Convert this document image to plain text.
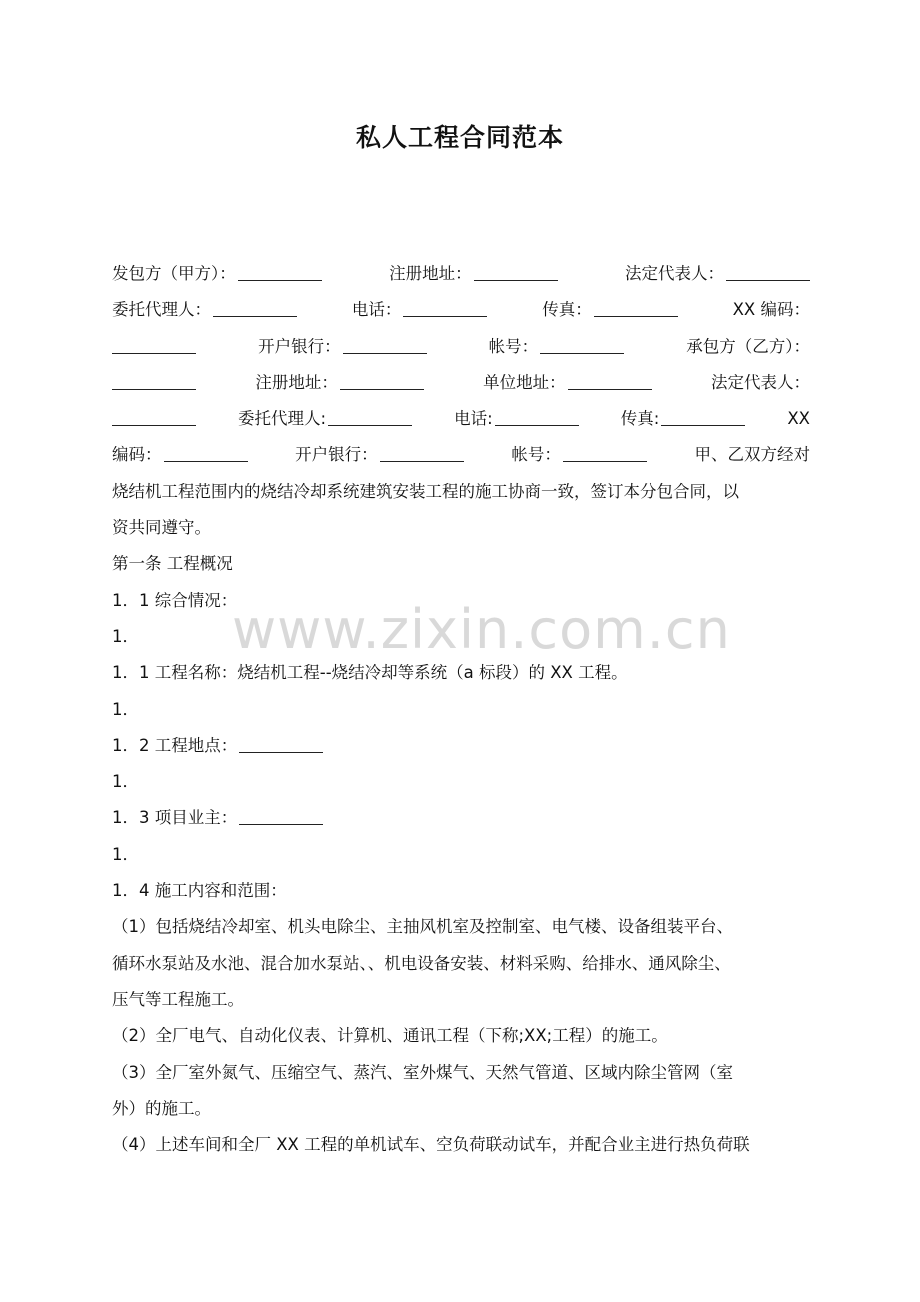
私人工程合同范本
发包方（甲方）：	注册地址：	法定代表人：
委托代理人：	电话：	传真：	XX 编码：
开户银行：	帐号：	承包方（乙方）：
注册地址：	单位地址：	法定代表人：
委托代理人:	电话:	传真:	XX
编码：	开户银行：	帐号：	甲、乙双方经对
烧结机工程范围内的烧结冷却系统建筑安装工程的施工协商一致，签订本分包合同，以
资共同遵守。
第一条 工程概况
1．1 综合情况：
1．
1．1 工程名称：烧结机工程--烧结冷却等系统（a 标段）的 XX 工程。
1．
1．2 工程地点：
1．
1．3 项目业主：
1．
1．4 施工内容和范围：
（1）包括烧结冷却室、机头电除尘、主抽风机室及控制室、电气楼、设备组装平台、
循环水泵站及水池、混合加水泵站、、机电设备安装、材料采购、给排水、通风除尘、
压气等工程施工。
（2）全厂电气、自动化仪表、计算机、通讯工程（下称;XX;工程）的施工。
（3）全厂室外氮气、压缩空气、蒸汽、室外煤气、天然气管道、区域内除尘管网（室
外）的施工。
（4）上述车间和全厂 XX 工程的单机试车、空负荷联动试车，并配合业主进行热负荷联
www.zixin.com.cn
